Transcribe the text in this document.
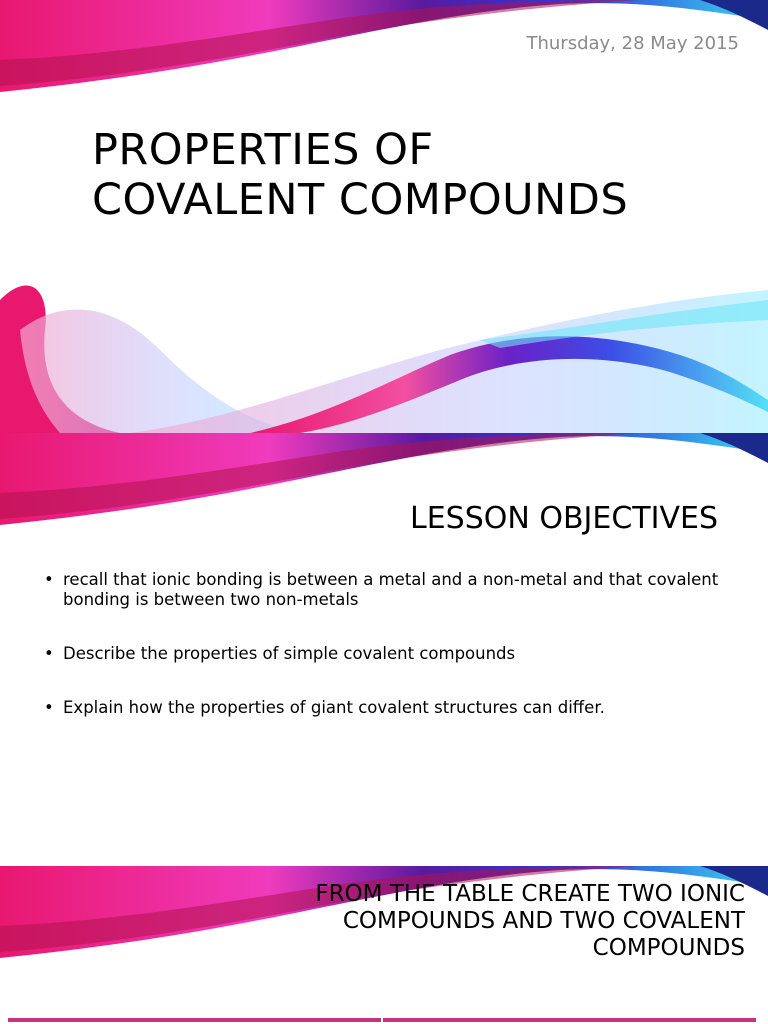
Thursday, 28 May 2015
PROPERTIES OF
COVALENT COMPOUNDS
LESSON OBJECTIVES
• recall that ionic bonding is between a metal and a non-metal and that covalent bonding is between two non-metals
• Describe the properties of simple covalent compounds
• Explain how the properties of giant covalent structures can differ.
FROM THE TABLE CREATE TWO IONIC COMPOUNDS AND TWO COVALENT COMPOUNDS
